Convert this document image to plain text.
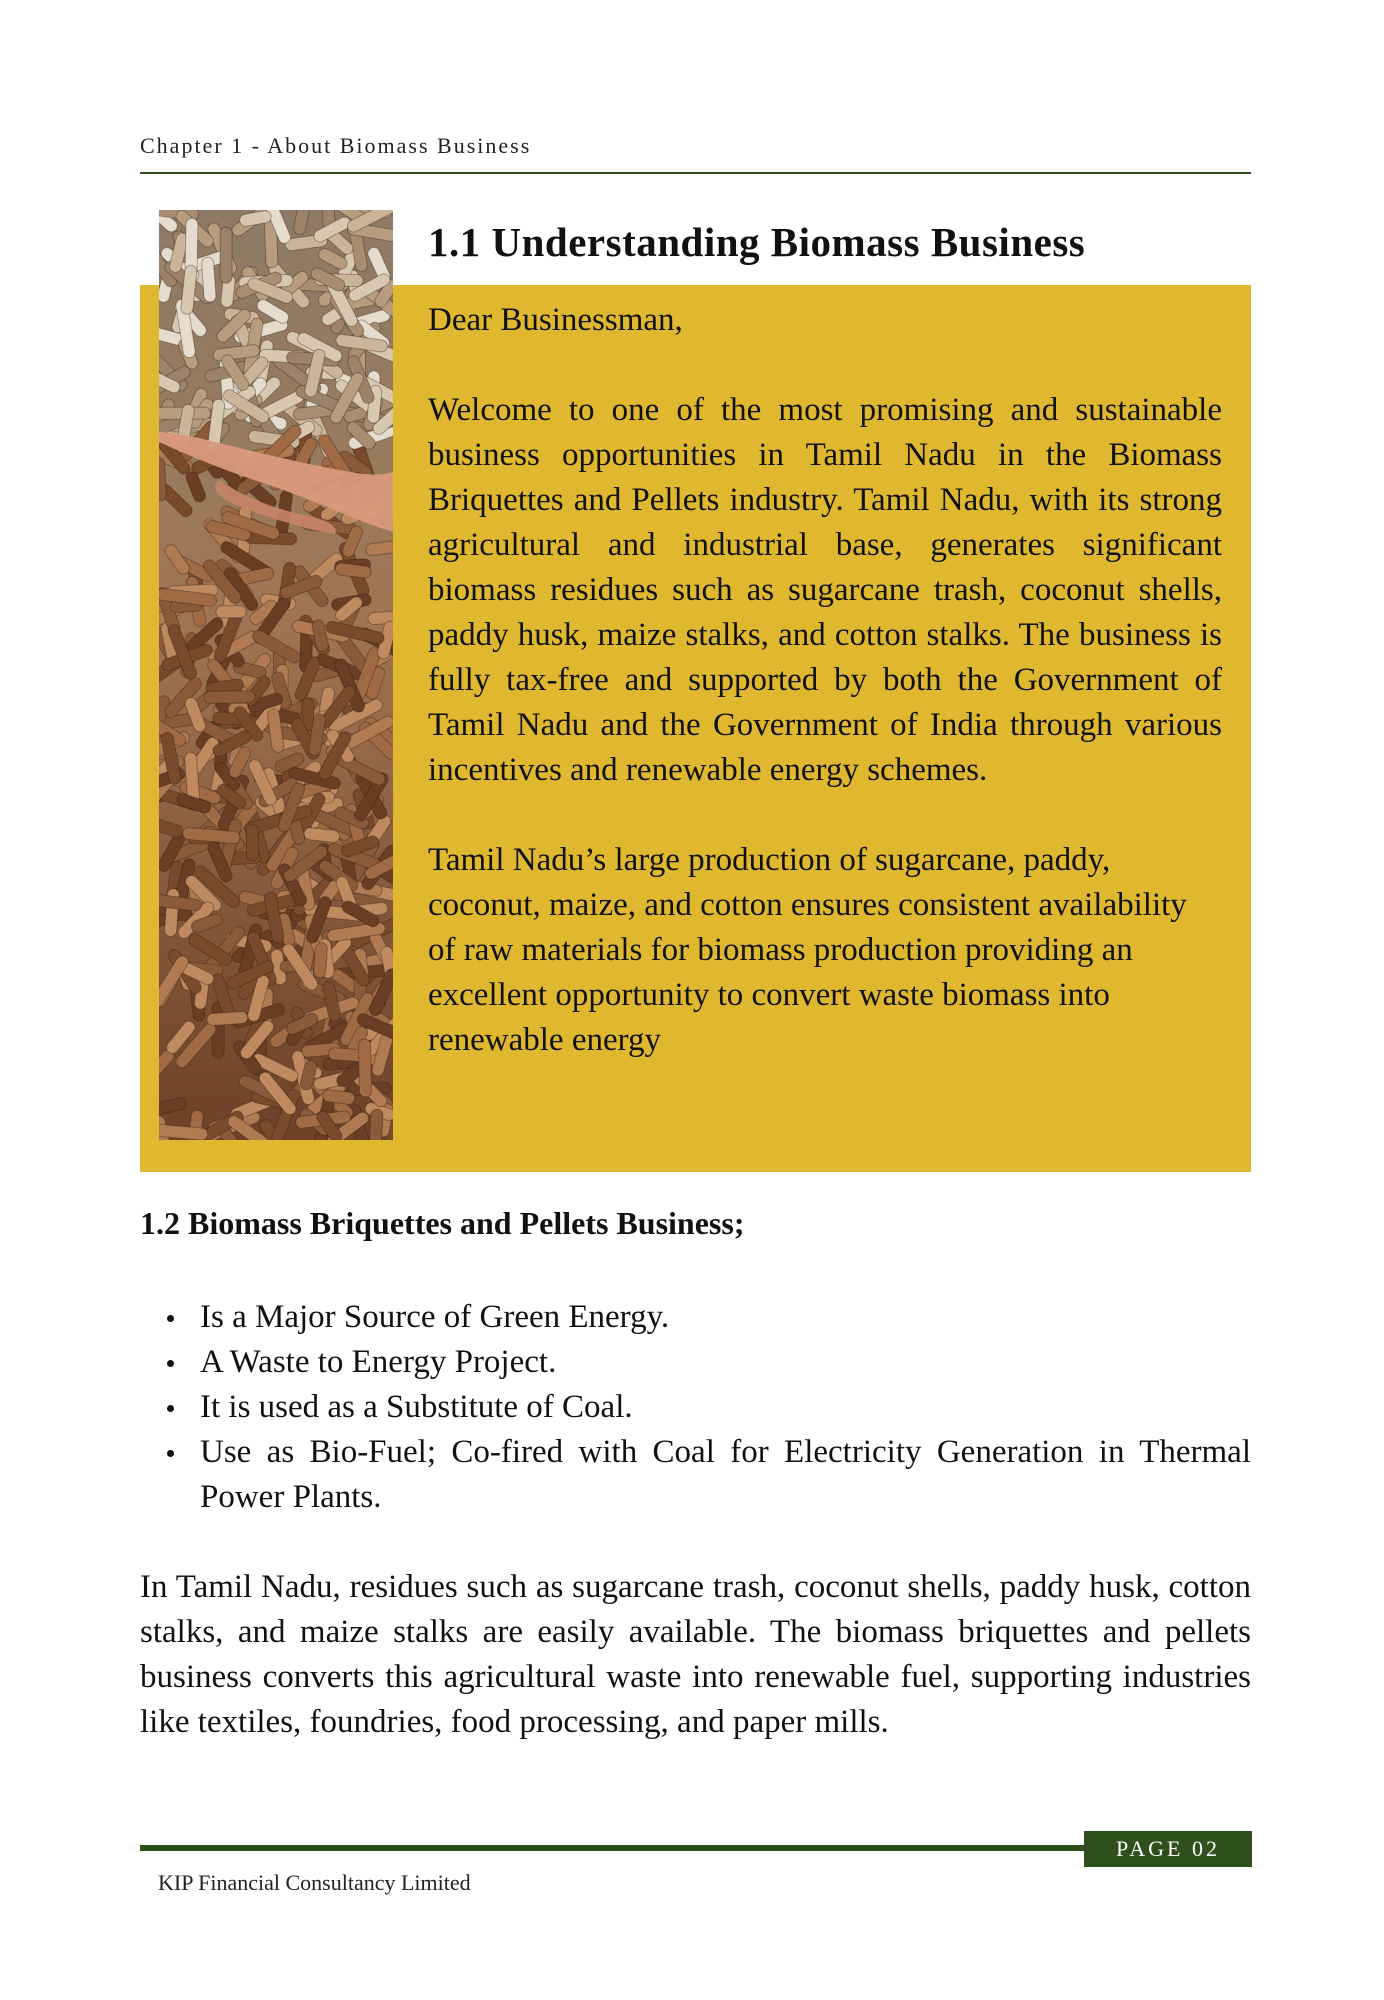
Chapter 1 - About Biomass Business
1.1 Understanding Biomass Business

Dear Businessman,

Welcome to one of the most promising and sustainable business opportunities in Tamil Nadu in the Biomass Briquettes and Pellets industry. Tamil Nadu, with its strong agricultural and industrial base, generates significant biomass residues such as sugarcane trash, coconut shells, paddy husk, maize stalks, and cotton stalks. The business is fully tax-free and supported by both the Government of Tamil Nadu and the Government of India through various incentives and renewable energy schemes.

Tamil Nadu’s large production of sugarcane, paddy, coconut, maize, and cotton ensures consistent availability of raw materials for biomass production providing an excellent opportunity to convert waste biomass into renewable energy

1.2 Biomass Briquettes and Pellets Business;
Is a Major Source of Green Energy.
A Waste to Energy Project.
It is used as a Substitute of Coal.
Use as Bio-Fuel; Co-fired with Coal for Electricity Generation in Thermal Power Plants.

In Tamil Nadu, residues such as sugarcane trash, coconut shells, paddy husk, cotton stalks, and maize stalks are easily available. The biomass briquettes and pellets business converts this agricultural waste into renewable fuel, supporting industries like textiles, foundries, food processing, and paper mills.

PAGE 02
KIP Financial Consultancy Limited
